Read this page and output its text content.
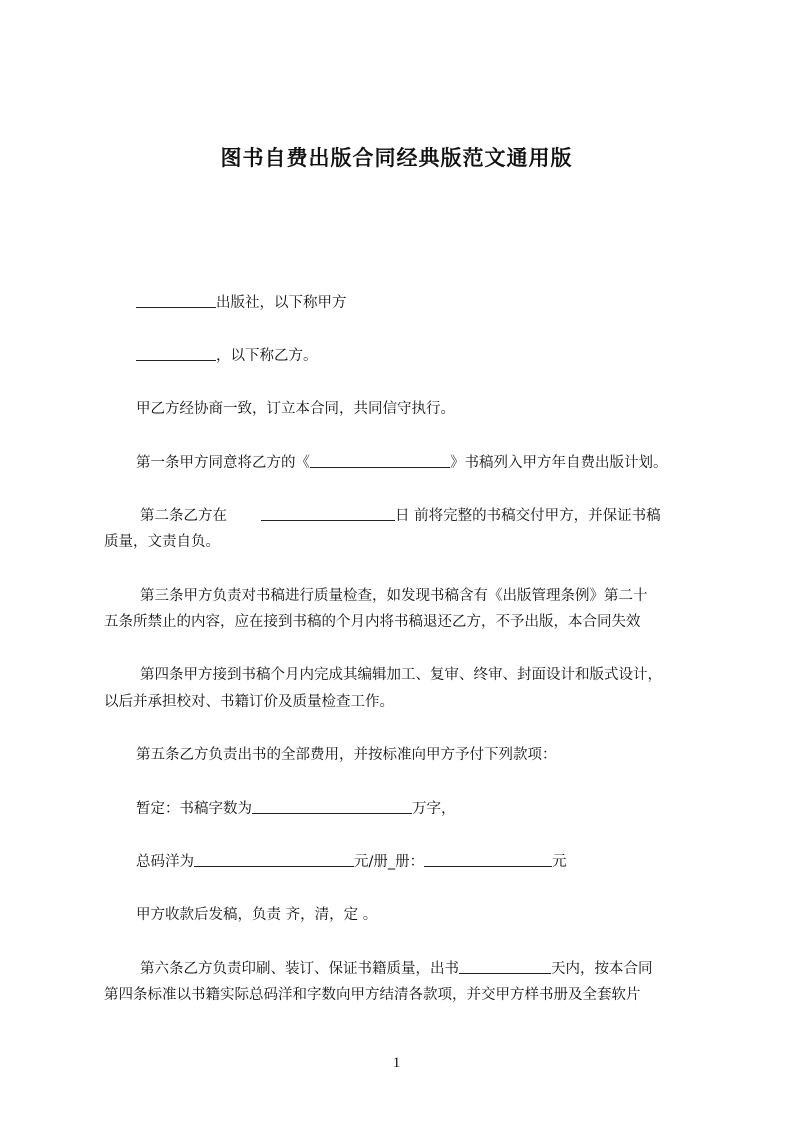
图书自费出版合同经典版范文通用版
出版社，以下称甲方
，以下称乙方。
甲乙方经协商一致，订立本合同，共同信守执行。
第一条甲方同意将乙方的《	》书稿列入甲方年自费出版计划。
第二条乙方在	日 前将完整的书稿交付甲方，并保证书稿
质量，文责自负。
第三条甲方负责对书稿进行质量检查，如发现书稿含有《出版管理条例》第二十
五条所禁止的内容，应在接到书稿的个月内将书稿退还乙方，不予出版，本合同失效
第四条甲方接到书稿个月内完成其编辑加工、复审、终审、封面设计和版式设计，
以后并承担校对、书籍订价及质量检查工作。
第五条乙方负责出书的全部费用，并按标准向甲方予付下列款项：
暂定：书稿字数为	万字，
总码洋为	元/册_册：	元
甲方收款后发稿，负责 齐，清，定 。
第六条乙方负责印刷、装订、保证书籍质量，出书	天内，按本合同
第四条标准以书籍实际总码洋和字数向甲方结清各款项，并交甲方样书册及全套软片
1
